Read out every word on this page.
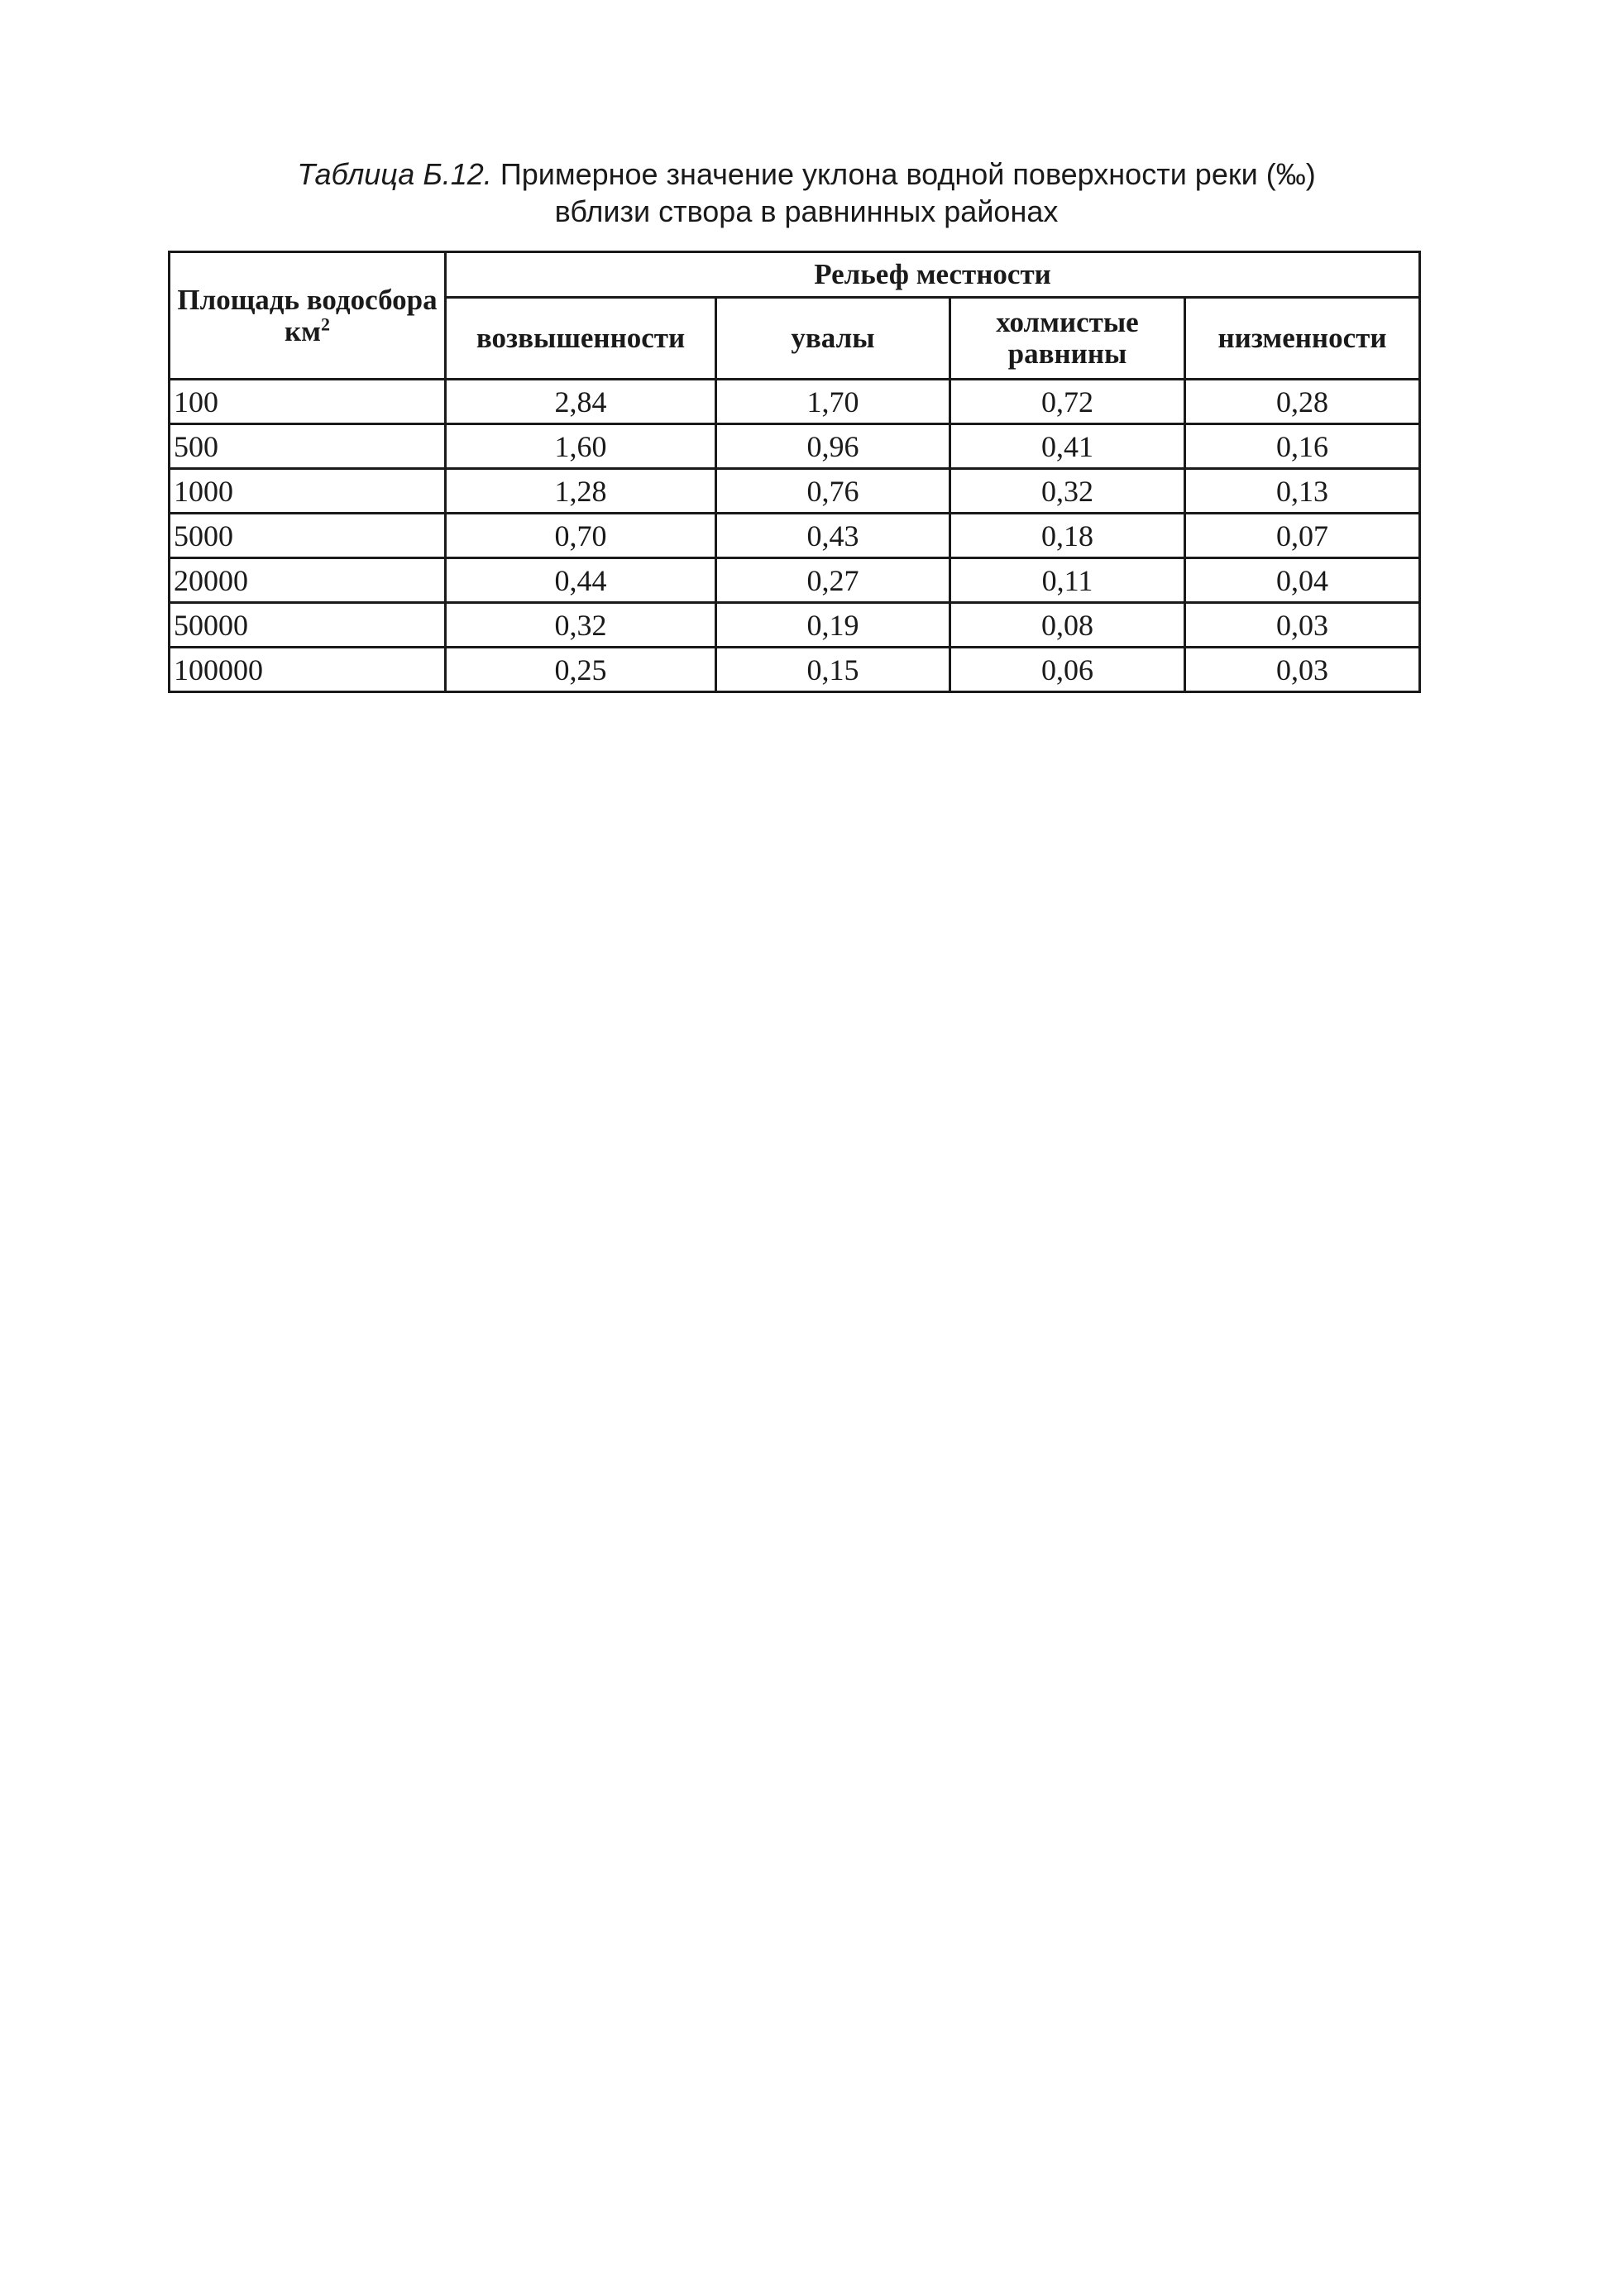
Таблица Б.12. Примерное значение уклона водной поверхности реки (‰)
вблизи створа в равнинных районах
Площадь водосбора $км^2$	Рельеф местности			
	возвышенности	увалы	холмистые равнины	низменности
100	2,84	1,70	0,72	0,28
500	1,60	0,96	0,41	0,16
1000	1,28	0,76	0,32	0,13
5000	0,70	0,43	0,18	0,07
20000	0,44	0,27	0,11	0,04
50000	0,32	0,19	0,08	0,03
100000	0,25	0,15	0,06	0,03
